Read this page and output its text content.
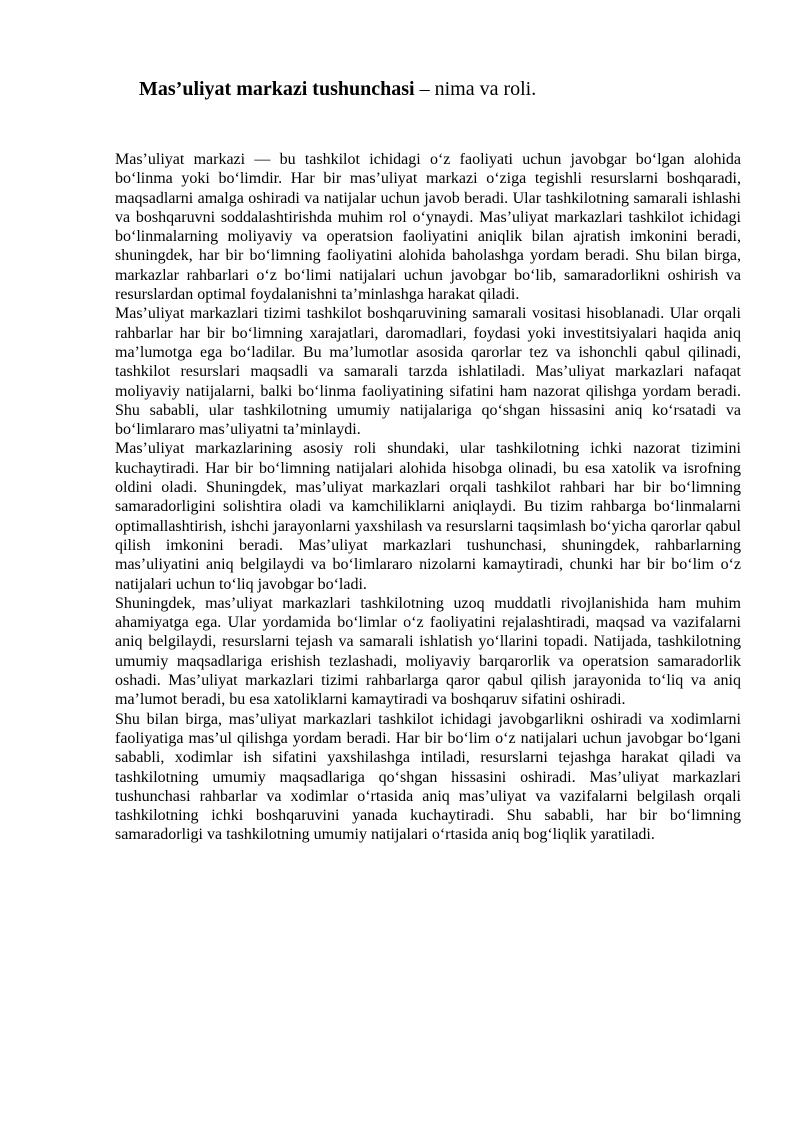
Mas’uliyat markazi tushunchasi – nima va roli.

Mas’uliyat markazi — bu tashkilot ichidagi o‘z faoliyati uchun javobgar bo‘lgan alohida bo‘linma yoki bo‘limdir. Har bir mas’uliyat markazi o‘ziga tegishli resurslarni boshqaradi, maqsadlarni amalga oshiradi va natijalar uchun javob beradi. Ular tashkilotning samarali ishlashi va boshqaruvni soddalashtirishda muhim rol o‘ynaydi. Mas’uliyat markazlari tashkilot ichidagi bo‘linmalarning moliyaviy va operatsion faoliyatini aniqlik bilan ajratish imkonini beradi, shuningdek, har bir bo‘limning faoliyatini alohida baholashga yordam beradi. Shu bilan birga, markazlar rahbarlari o‘z bo‘limi natijalari uchun javobgar bo‘lib, samaradorlikni oshirish va resurslardan optimal foydalanishni ta’minlashga harakat qiladi.

Mas’uliyat markazlari tizimi tashkilot boshqaruvining samarali vositasi hisoblanadi. Ular orqali rahbarlar har bir bo‘limning xarajatlari, daromadlari, foydasi yoki investitsiyalari haqida aniq ma’lumotga ega bo‘ladilar. Bu ma’lumotlar asosida qarorlar tez va ishonchli qabul qilinadi, tashkilot resurslari maqsadli va samarali tarzda ishlatiladi. Mas’uliyat markazlari nafaqat moliyaviy natijalarni, balki bo‘linma faoliyatining sifatini ham nazorat qilishga yordam beradi. Shu sababli, ular tashkilotning umumiy natijalariga qo‘shgan hissasini aniq ko‘rsatadi va bo‘limlararo mas’uliyatni ta’minlaydi.

Mas’uliyat markazlarining asosiy roli shundaki, ular tashkilotning ichki nazorat tizimini kuchaytiradi. Har bir bo‘limning natijalari alohida hisobga olinadi, bu esa xatolik va isrofning oldini oladi. Shuningdek, mas’uliyat markazlari orqali tashkilot rahbari har bir bo‘limning samaradorligini solishtira oladi va kamchiliklarni aniqlaydi. Bu tizim rahbarga bo‘linmalarni optimallashtirish, ishchi jarayonlarni yaxshilash va resurslarni taqsimlash bo‘yicha qarorlar qabul qilish imkonini beradi. Mas’uliyat markazlari tushunchasi, shuningdek, rahbarlarning mas’uliyatini aniq belgilaydi va bo‘limlararo nizolarni kamaytiradi, chunki har bir bo‘lim o‘z natijalari uchun to‘liq javobgar bo‘ladi.

Shuningdek, mas’uliyat markazlari tashkilotning uzoq muddatli rivojlanishida ham muhim ahamiyatga ega. Ular yordamida bo‘limlar o‘z faoliyatini rejalashtiradi, maqsad va vazifalarni aniq belgilaydi, resurslarni tejash va samarali ishlatish yo‘llarini topadi. Natijada, tashkilotning umumiy maqsadlariga erishish tezlashadi, moliyaviy barqarorlik va operatsion samaradorlik oshadi. Mas’uliyat markazlari tizimi rahbarlarga qaror qabul qilish jarayonida to‘liq va aniq ma’lumot beradi, bu esa xatoliklarni kamaytiradi va boshqaruv sifatini oshiradi.

Shu bilan birga, mas’uliyat markazlari tashkilot ichidagi javobgarlikni oshiradi va xodimlarni faoliyatiga mas’ul qilishga yordam beradi. Har bir bo‘lim o‘z natijalari uchun javobgar bo‘lgani sababli, xodimlar ish sifatini yaxshilashga intiladi, resurslarni tejashga harakat qiladi va tashkilotning umumiy maqsadlariga qo‘shgan hissasini oshiradi. Mas’uliyat markazlari tushunchasi rahbarlar va xodimlar o‘rtasida aniq mas’uliyat va vazifalarni belgilash orqali tashkilotning ichki boshqaruvini yanada kuchaytiradi. Shu sababli, har bir bo‘limning samaradorligi va tashkilotning umumiy natijalari o‘rtasida aniq bog‘liqlik yaratiladi.
